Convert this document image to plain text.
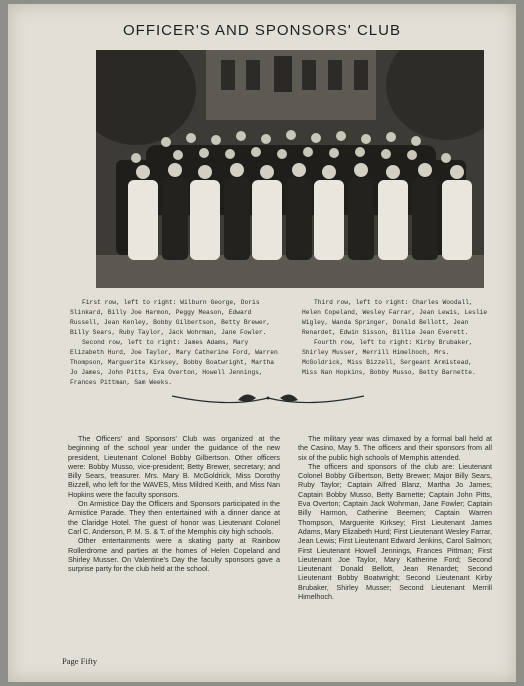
OFFICER'S AND SPONSORS' CLUB

First row, left to right: Wilburn George, Doris Slinkard, Billy Joe Harmon, Peggy Meason, Edward Russell, Jean Kenley, Bobby Gilbertson, Betty Brewer, Billy Sears, Ruby Taylor, Jack Wohrman, Jane Fowler.

Second row, left to right: James Adams, Mary Elizabeth Hurd, Joe Taylor, Mary Catherine Ford, Warren Thompson, Marguerite Kirksey, Bobby Boatwright, Martha Jo James, John Pitts, Eva Overton, Howell Jennings, Frances Pittman, Sam Weeks.

Third row, left to right: Charles Woodall, Helen Copeland, Wesley Farrar, Jean Lewis, Leslie Wigley, Wanda Springer, Donald Bellott, Jean Renardet, Edwin Sisson, Billie Jean Everett.

Fourth row, left to right: Kirby Brubaker, Shirley Musser, Merrill Himelhoch, Mrs. McGoldrick, Miss Bizzell, Sergeant Armistead, Miss Nan Hopkins, Bobby Musso, Betty Barnette.

The Officers' and Sponsors' Club was organized at the beginning of the school year under the guidance of the new president, Lieutenant Colonel Bobby Gilbertson. Other officers were: Bobby Musso, vice-president; Betty Brewer, secretary; and Billy Sears, treasurer. Mrs. Mary B. McGoldrick, Miss Dorothy Bizzell, who left for the WAVES, Miss Mildred Keith, and Miss Nan Hopkins were the faculty sponsors.

On Armistice Day the Officers and Sponsors participated in the Armistice Parade. They then entertained with a dinner dance at the Claridge Hotel. The guest of honor was Lieutenant Colonel Carl C. Anderson, P. M. S. & T. of the Memphis city high schools.

Other entertainments were a skating party at Rainbow Rollerdrome and parties at the homes of Helen Copeland and Shirley Musser. On Valentine's Day the faculty sponsors gave a surprise party for the club held at the school.

The military year was climaxed by a formal ball held at the Casino, May 5. The officers and their sponsors from all six of the public high schools of Memphis attended.

The officers and sponsors of the club are: Lieutenant Colonel Bobby Gilbertson, Betty Brewer; Major Billy Sears, Ruby Taylor; Captain Alfred Blanz, Martha Jo James; Captain Bobby Musso, Betty Barnette; Captain John Pitts, Eva Overton; Captain Jack Wohrman, Jane Fowler; Captain Billy Harmon, Catherine Beemen; Captain Warren Thompson, Marguerite Kirksey; First Lieutenant James Adams, Mary Elizabeth Hurd; First Lieutenant Wesley Farrar, Jean Lewis; First Lieutenant Edward Jenkins, Carol Salmon; First Lieutenant Howell Jennings, Frances Pittman; First Lieutenant Joe Taylor, Mary Katherine Ford; Second Lieutenant Donald Bellott, Jean Renardet; Second Lieutenant Bobby Boatwright; Second Lieutenant Kirby Brubaker, Shirley Musser; Second Lieutenant Merrill Himelhoch.

Page Fifty
